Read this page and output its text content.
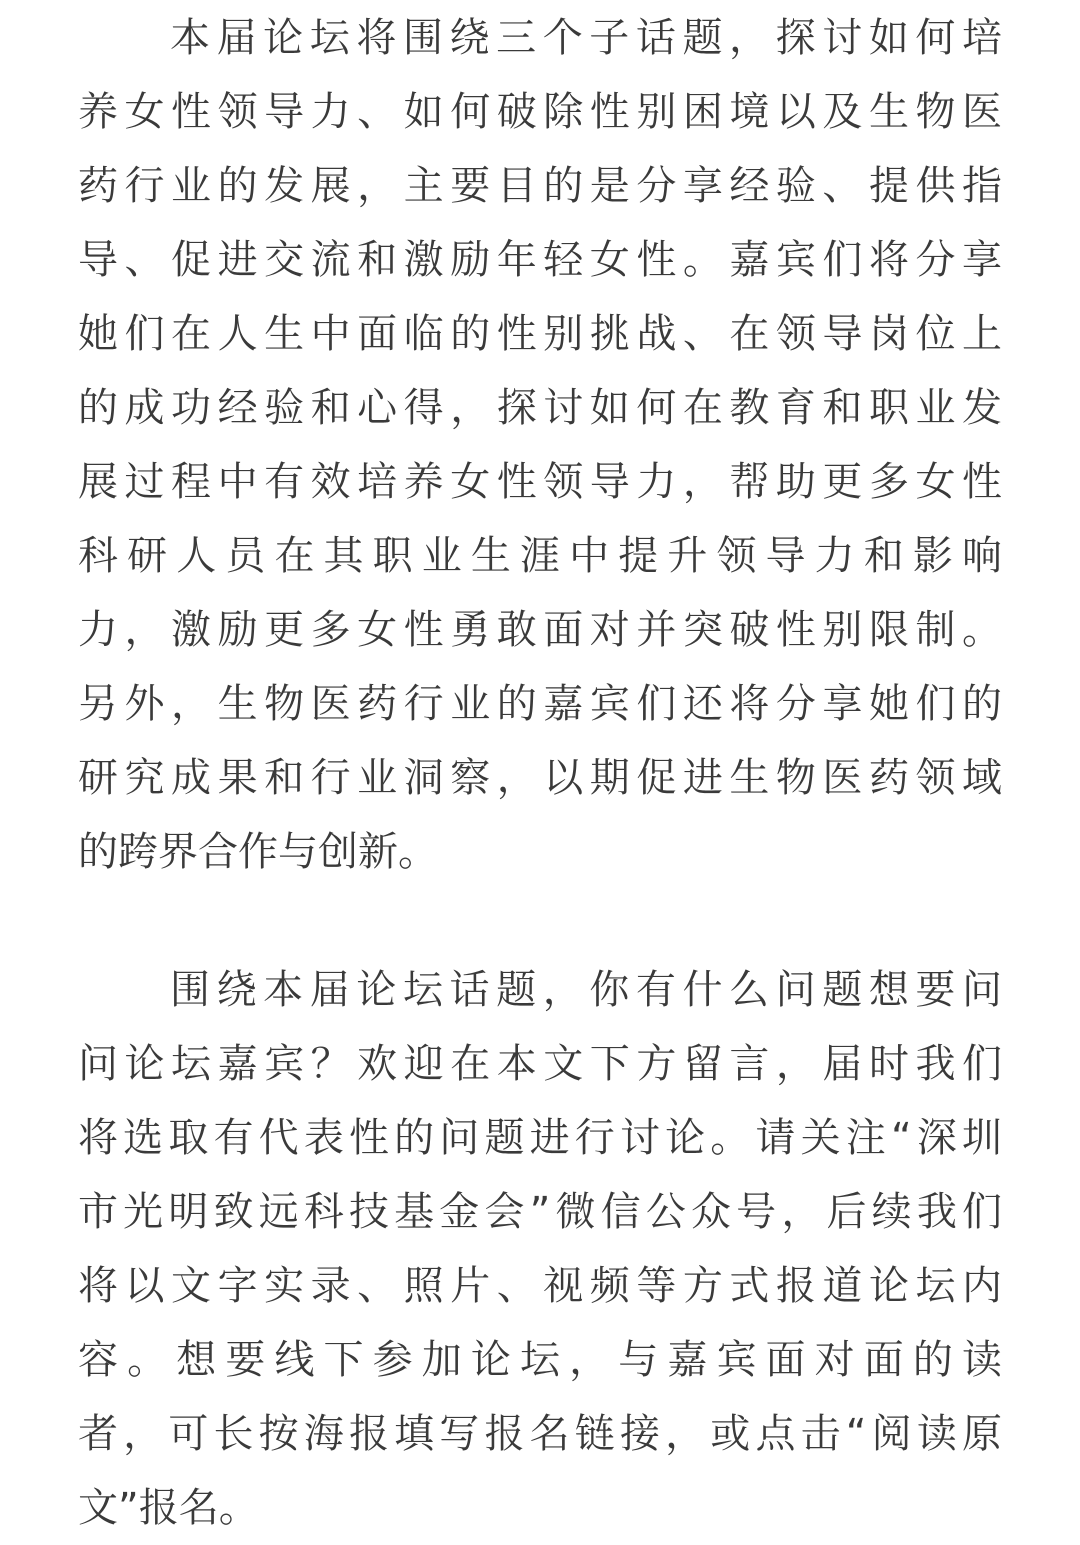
本届论坛将围绕三个子话题，探讨如何培
养女性领导力、如何破除性别困境以及生物医
药行业的发展，主要目的是分享经验、提供指
导、促进交流和激励年轻女性。嘉宾们将分享
她们在人生中面临的性别挑战、在领导岗位上
的成功经验和心得，探讨如何在教育和职业发
展过程中有效培养女性领导力，帮助更多女性
科研人员在其职业生涯中提升领导力和影响
力，激励更多女性勇敢面对并突破性别限制。
另外，生物医药行业的嘉宾们还将分享她们的
研究成果和行业洞察，以期促进生物医药领域
的跨界合作与创新。
围绕本届论坛话题，你有什么问题想要问
问论坛嘉宾？欢迎在本文下方留言，届时我们
将选取有代表性的问题进行讨论。请关注“深圳
市光明致远科技基金会”微信公众号，后续我们
将以文字实录、照片、视频等方式报道论坛内
容。想要线下参加论坛，与嘉宾面对面的读
者，可长按海报填写报名链接，或点击“阅读原
文”报名。
